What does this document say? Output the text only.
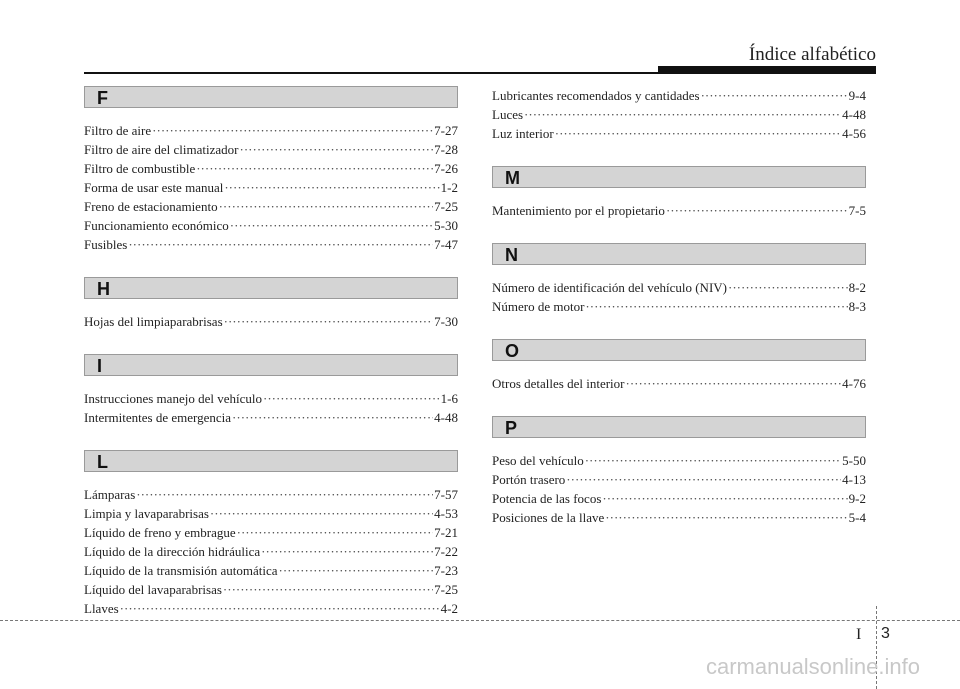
Índice alfabético
F
Filtro de aire ·····	7-27
Filtro de aire del climatizador ·····	7-28
Filtro de combustible ·····	7-26
Forma de usar este manual ·····	1-2
Freno de estacionamiento ·····	7-25
Funcionamiento económico ·····	5-30
Fusibles ·····	7-47
H
Hojas del limpiaparabrisas ·····	7-30
I
Instrucciones manejo del vehículo ·····	1-6
Intermitentes de emergencia ·····	4-48
L
Lámparas ·····	7-57
Limpia y lavaparabrisas ·····	4-53
Líquido de freno y embrague ·····	7-21
Líquido de la dirección hidráulica ·····	7-22
Líquido de la transmisión automática ·····	7-23
Líquido del lavaparabrisas ·····	7-25
Llaves ·····	4-2
Lubricantes recomendados y cantidades ·····	9-4
Luces ·····	4-48
Luz interior ·····	4-56
M
Mantenimiento por el propietario ·····	7-5
N
Número de identificación del vehículo (NIV) ·····	8-2
Número de motor ·····	8-3
O
Otros detalles del interior ·····	4-76
P
Peso del vehículo ·····	5-50
Portón trasero ·····	4-13
Potencia de las focos ·····	9-2
Posiciones de la llave ·····	5-4
I 3
carmanualsonline.info
